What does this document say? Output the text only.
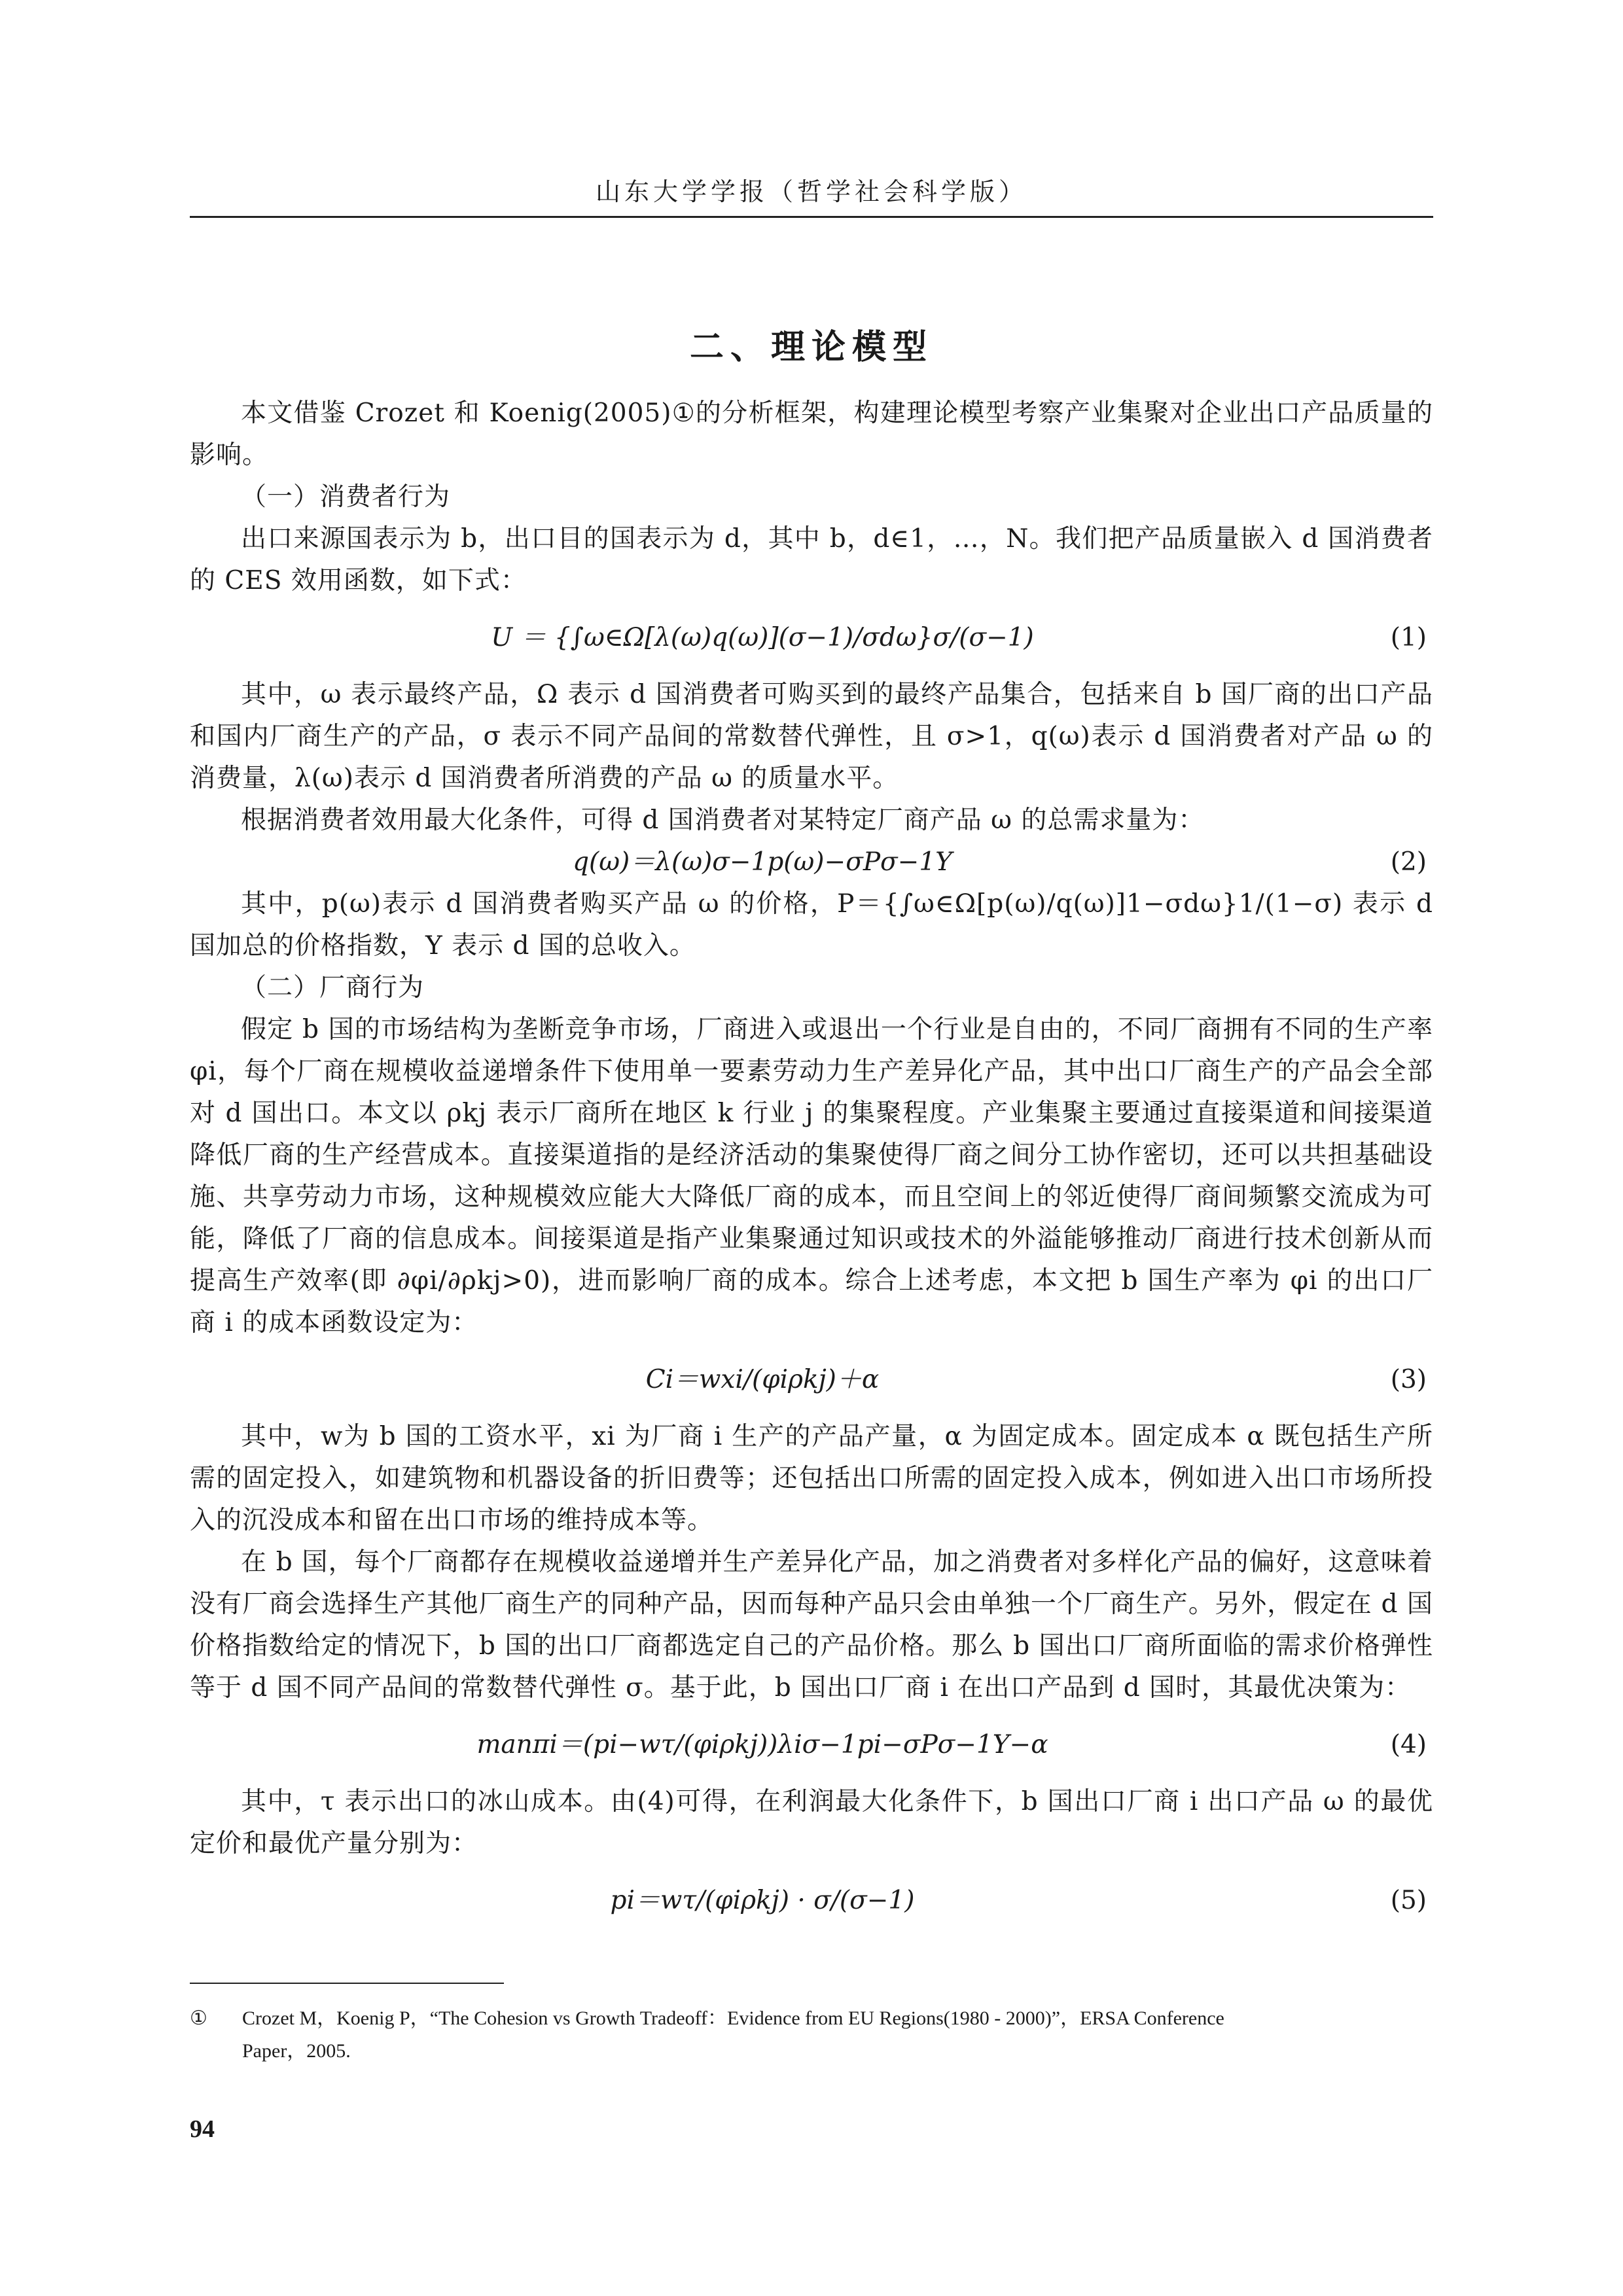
山东大学学报（哲学社会科学版）
二、理论模型

本文借鉴 Crozet 和 Koenig(2005)①的分析框架，构建理论模型考察产业集聚对企业出口产品质量的影响。

（一）消费者行为

出口来源国表示为 b，出口目的国表示为 d，其中 b，d∈1，…，N。我们把产品质量嵌入 d 国消费者的 CES 效用函数，如下式：

U ＝ {∫ω∈Ω[λ(ω)q(ω)](σ−1)/σdω}σ/(σ−1)	(1)

其中，ω 表示最终产品，Ω 表示 d 国消费者可购买到的最终产品集合，包括来自 b 国厂商的出口产品和国内厂商生产的产品，σ 表示不同产品间的常数替代弹性，且 σ>1，q(ω)表示 d 国消费者对产品 ω 的消费量，λ(ω)表示 d 国消费者所消费的产品 ω 的质量水平。

根据消费者效用最大化条件，可得 d 国消费者对某特定厂商产品 ω 的总需求量为：

q(ω)＝λ(ω)σ−1p(ω)−σPσ−1Y	(2)

其中，p(ω)表示 d 国消费者购买产品 ω 的价格，P＝{∫ω∈Ω[p(ω)/q(ω)]1−σdω}1/(1−σ) 表示 d 国加总的价格指数，Y 表示 d 国的总收入。

（二）厂商行为

假定 b 国的市场结构为垄断竞争市场，厂商进入或退出一个行业是自由的，不同厂商拥有不同的生产率 φi，每个厂商在规模收益递增条件下使用单一要素劳动力生产差异化产品，其中出口厂商生产的产品会全部对 d 国出口。本文以 ρkj 表示厂商所在地区 k 行业 j 的集聚程度。产业集聚主要通过直接渠道和间接渠道降低厂商的生产经营成本。直接渠道指的是经济活动的集聚使得厂商之间分工协作密切，还可以共担基础设施、共享劳动力市场，这种规模效应能大大降低厂商的成本，而且空间上的邻近使得厂商间频繁交流成为可能，降低了厂商的信息成本。间接渠道是指产业集聚通过知识或技术的外溢能够推动厂商进行技术创新从而提高生产效率(即 ∂φi/∂ρkj>0)，进而影响厂商的成本。综合上述考虑，本文把 b 国生产率为 φi 的出口厂商 i 的成本函数设定为：

Ci＝wxi/(φiρkj)＋α	(3)

其中，w为 b 国的工资水平，xi 为厂商 i 生产的产品产量，α 为固定成本。固定成本 α 既包括生产所需的固定投入，如建筑物和机器设备的折旧费等；还包括出口所需的固定投入成本，例如进入出口市场所投入的沉没成本和留在出口市场的维持成本等。

在 b 国，每个厂商都存在规模收益递增并生产差异化产品，加之消费者对多样化产品的偏好，这意味着没有厂商会选择生产其他厂商生产的同种产品，因而每种产品只会由单独一个厂商生产。另外，假定在 d 国价格指数给定的情况下，b 国的出口厂商都选定自己的产品价格。那么 b 国出口厂商所面临的需求价格弹性等于 d 国不同产品间的常数替代弹性 σ。基于此，b 国出口厂商 i 在出口产品到 d 国时，其最优决策为：

manπi＝(pi−wτ/(φiρkj))λiσ−1pi−σPσ−1Y−α	(4)

其中，τ 表示出口的冰山成本。由(4)可得，在利润最大化条件下，b 国出口厂商 i 出口产品 ω 的最优定价和最优产量分别为：

pi＝wτ/(φiρkj) · σ/(σ−1)	(5)
① Crozet M，Koenig P，“The Cohesion vs Growth Tradeoff：Evidence from EU Regions(1980 - 2000)”，ERSA Conference
Paper，2005.
94
